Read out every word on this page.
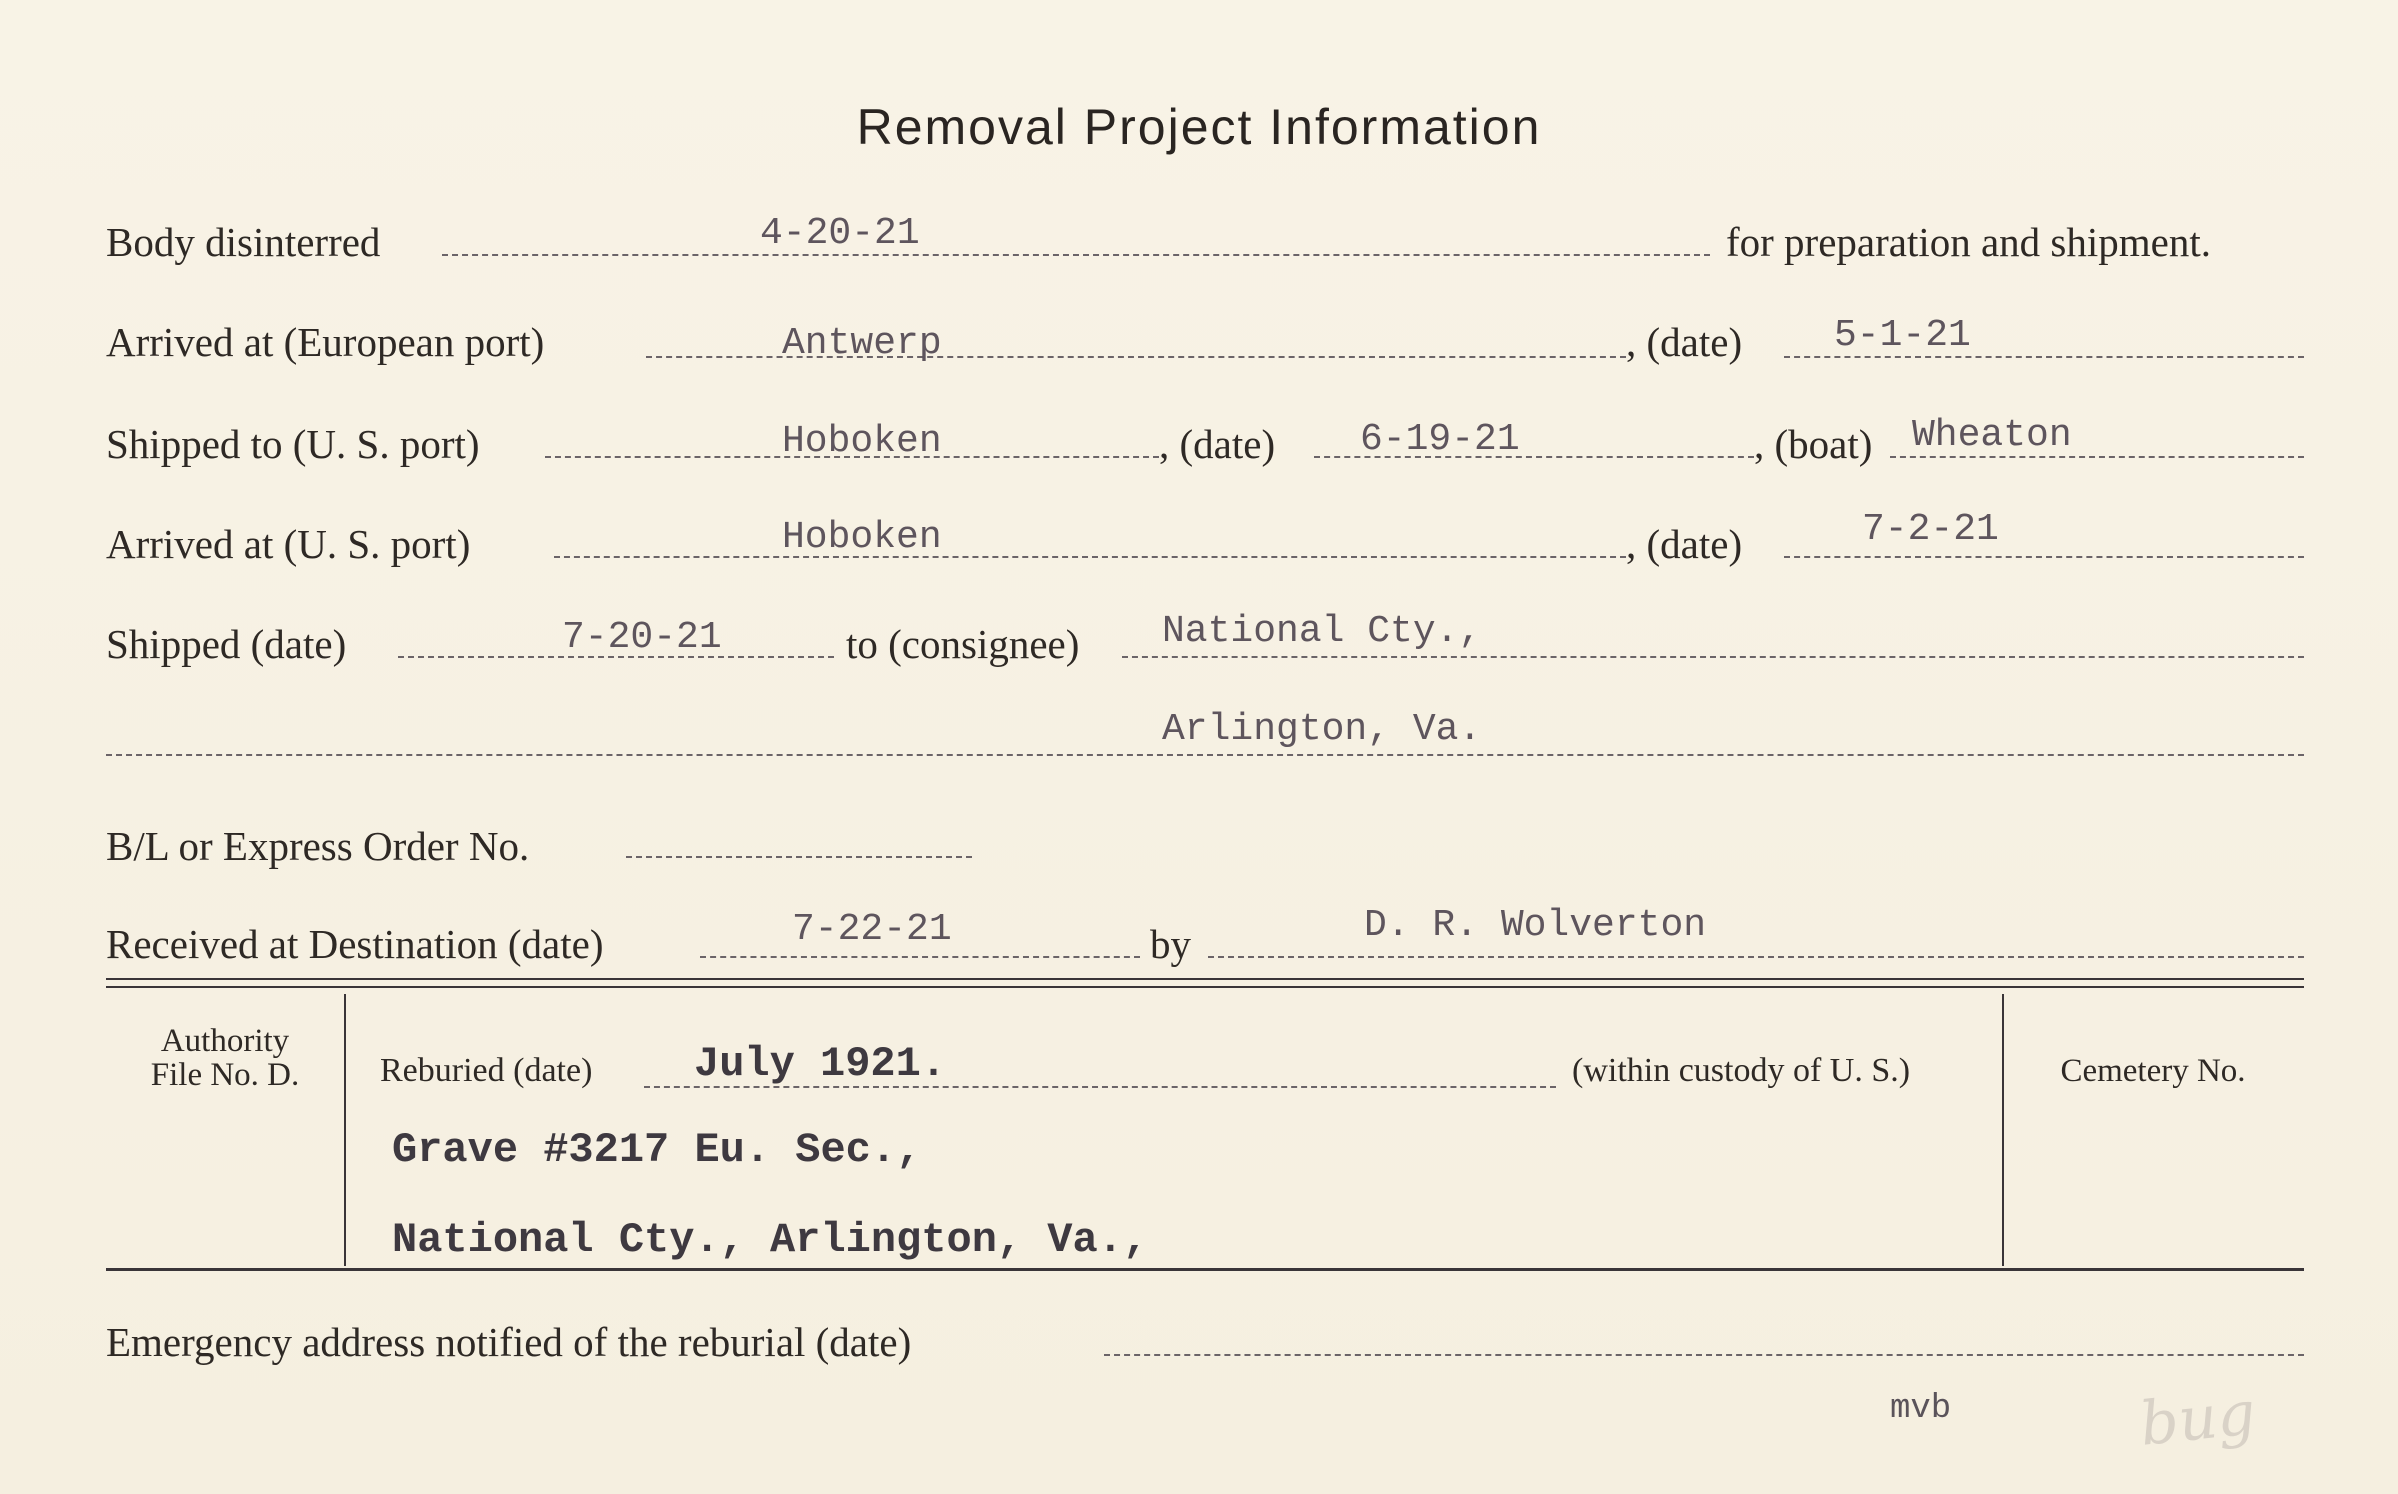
Removal Project Information
Body disinterred	4-20-21	for preparation and shipment.
Arrived at (European port)	Antwerp	, (date) 5-1-21
Shipped to (U. S. port)	Hoboken	, (date) 6-19-21	, (boat) Wheaton
Arrived at (U. S. port)	Hoboken	, (date)	7-2-21
Shipped (date)	7-20-21	to (consignee) National Cty.,
Arlington, Va.
B/L or Express Order No.
Received at Destination (date)	7-22-21	by	D. R. Wolverton
Authority
File No. D.	Reburied (date) July 1921.	(within custody of U. S.)
Grave #3217 Eu. Sec.,
National Cty., Arlington, Va.,
Cemetery No.
Emergency address notified of the reburial (date)
mvb	bug
